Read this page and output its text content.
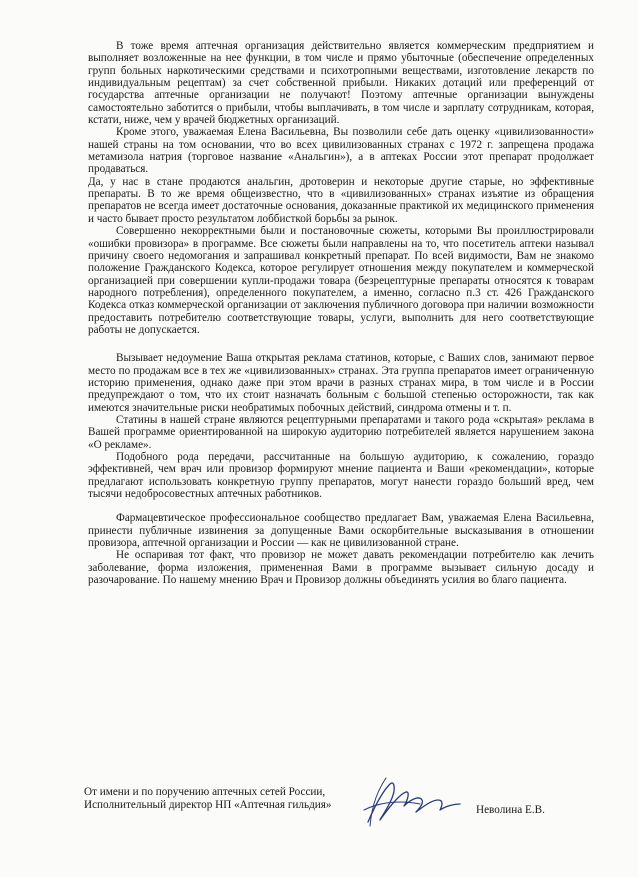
В тоже время аптечная организация действительно является коммерческим предприятием и выполняет возложенные на нее функции, в том числе и прямо убыточные (обеспечение определенных групп больных наркотическими средствами и психотропными веществами, изготовление лекарств по индивидуальным рецептам) за счет собственной прибыли. Никаких дотаций или преференций от государства аптечные организации не получают! Поэтому аптечные организации вынуждены самостоятельно заботится о прибыли, чтобы выплачивать, в том числе и зарплату сотрудникам, которая, кстати, ниже, чем у врачей бюджетных организаций.

Кроме этого, уважаемая Елена Васильевна, Вы позволили себе дать оценку «цивилизованности» нашей страны на том основании, что во всех цивилизованных странах с 1972 г. запрещена продажа метамизола натрия (торговое название «Анальгин»), а в аптеках России этот препарат продолжает продаваться.

Да, у нас в стане продаются анальгин, дротоверин и некоторые другие старые, но эффективные препараты. В то же время общеизвестно, что в «цивилизованных» странах изъятие из обращения препаратов не всегда имеет достаточные основания, доказанные практикой их медицинского применения и часто бывает просто результатом лоббисткой борьбы за рынок.

Совершенно некорректными были и постановочные сюжеты, которыми Вы проиллюстрировали «ошибки провизора» в программе. Все сюжеты были направлены на то, что посетитель аптеки называл причину своего недомогания и запрашивал конкретный препарат. По всей видимости, Вам не знакомо положение Гражданского Кодекса, которое регулирует отношения между покупателем и коммерческой организацией при совершении купли-продажи товара (безрецептурные препараты относятся к товарам народного потребления), определенного покупателем, а именно, согласно п.3 ст. 426 Гражданского Кодекса отказ коммерческой организации от заключения публичного договора при наличии возможности предоставить потребителю соответствующие товары, услуги, выполнить для него соответствующие работы не допускается.

Вызывает недоумение Ваша открытая реклама статинов, которые, с Ваших слов, занимают первое место по продажам все в тех же «цивилизованных» странах. Эта группа препаратов имеет ограниченную историю применения, однако даже при этом врачи в разных странах мира, в том числе и в России предупреждают о том, что их стоит назначать больным с большой степенью осторожности, так как имеются значительные риски необратимых побочных действий, синдрома отмены и т. п.

Статины в нашей стране являются рецептурными препаратами и такого рода «скрытая» реклама в Вашей программе ориентированной на широкую аудиторию потребителей является нарушением закона «О рекламе».

Подобного рода передачи, рассчитанные на большую аудиторию, к сожалению, гораздо эффективней, чем врач или провизор формируют мнение пациента и Ваши «рекомендации», которые предлагают использовать конкретную группу препаратов, могут нанести гораздо больший вред, чем тысячи недобросовестных аптечных работников.

Фармацевтическое профессиональное сообщество предлагает Вам, уважаемая Елена Васильевна, принести публичные извинения за допущенные Вами оскорбительные высказывания в отношении провизора, аптечной организации и России — как не цивилизованной стране.

Не оспаривая тот факт, что провизор не может давать рекомендации потребителю как лечить заболевание, форма изложения, примененная Вами в программе вызывает сильную досаду и разочарование. По нашему мнению Врач и Провизор должны объединять усилия во благо пациента.

От имени и по поручению аптечных сетей России,

Исполнительный директор НП «Аптечная гильдия»	Неволина Е.В.
